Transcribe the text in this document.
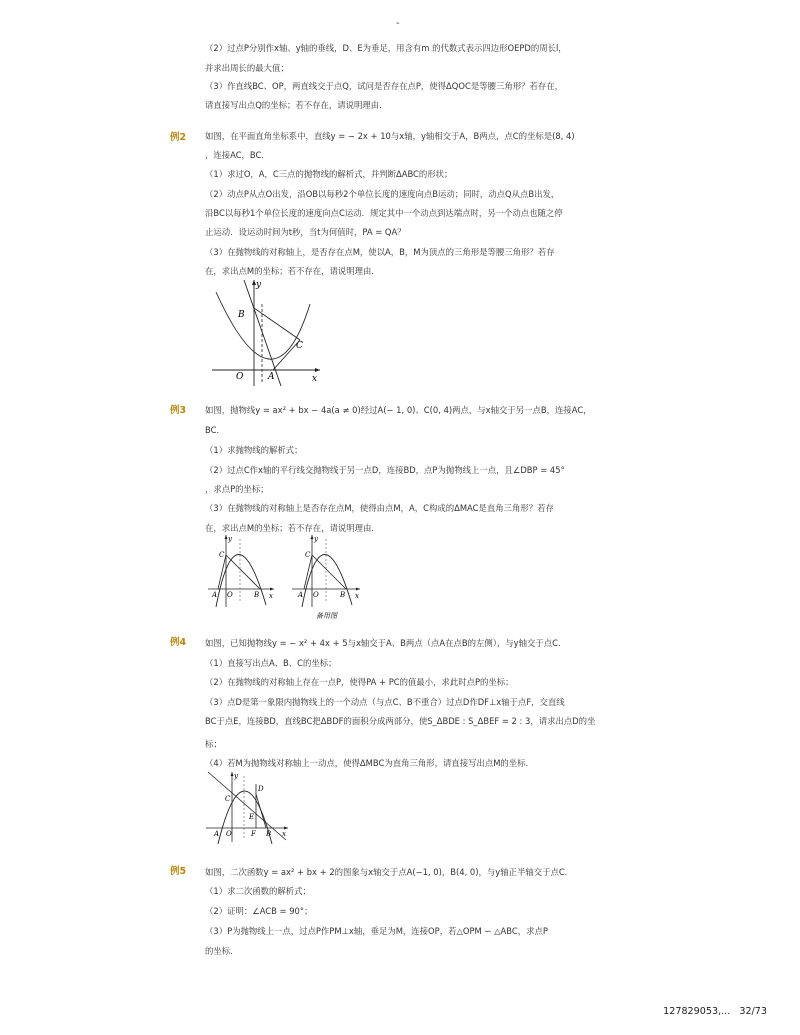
-
（2）过点P分别作x轴、y轴的垂线，D、E为垂足，用含有m 的代数式表示四边形OEPD的周长l，
并求出周长的最大值；
（3）作直线BC、OP，两直线交于点Q，试问是否存在点P，使得ΔQOC是等腰三角形？若存在，
请直接写出点Q的坐标；若不存在，请说明理由．
例2 如图，在平面直角坐标系中，直线y = − 2x + 10与x轴，y轴相交于A，B两点，点C的坐标是(8, 4)
，连接AC，BC．
（1）求过O，A，C三点的抛物线的解析式，并判断ΔABC的形状；
（2）动点P从点O出发，沿OB以每秒2个单位长度的速度向点B运动；同时，动点Q从点B出发，
沿BC以每秒1个单位长度的速度向点C运动．规定其中一个动点到达端点时，另一个动点也随之停
止运动．设运动时间为t秒，当t为何值时，PA = QA？
（3）在抛物线的对称轴上，是否存在点M，使以A，B，M为顶点的三角形是等腰三角形？若存
在，求出点M的坐标；若不存在，请说明理由．
y
B
C
O	A	x
例3 如图，抛物线y = ax² + bx − 4a(a ≠ 0)经过A(− 1, 0)、C(0, 4)两点，与x轴交于另一点B，连接AC，
BC．
（1）求抛物线的解析式；
（2）过点C作x轴的平行线交抛物线于另一点D，连接BD，点P为抛物线上一点，且∠DBP = 45°
，求点P的坐标；
（3）在抛物线的对称轴上是否存在点M，使得由点M，A，C构成的ΔMAC是直角三角形？若存
在，求出点M的坐标；若不存在，请说明理由．
y
C
A O	B x
y
C
A O	B x
备用图
例4 如图，已知抛物线y = − x² + 4x + 5与x轴交于A、B两点（点A在点B的左侧），与y轴交于点C．
（1）直接写出点A、B、C的坐标；
（2）在抛物线的对称轴上存在一点P，使得PA + PC的值最小，求此时点P的坐标；
（3）点D是第一象限内抛物线上的一个动点（与点C、B不重合）过点D作DF⊥x轴于点F，交直线
BC于点E，连接BD，直线BC把ΔBDF的面积分成两部分，使S_ΔBDE : S_ΔBEF = 2 : 3，请求出点D的坐
标；
（4）若M为抛物线对称轴上一动点，使得ΔMBC为直角三角形，请直接写出点M的坐标．
y
D
C
E
A O	F B x
例5 如图，二次函数y = ax² + bx + 2的图象与x轴交于点A(−1, 0)，B(4, 0)，与y轴正半轴交于点C．
（1）求二次函数的解析式；
（2）证明：∠ACB = 90°；
（3）P为抛物线上一点，过点P作PM⊥x轴，垂足为M，连接OP，若△OPM ∽ △ABC，求点P
的坐标．
127829053,... 32/73
